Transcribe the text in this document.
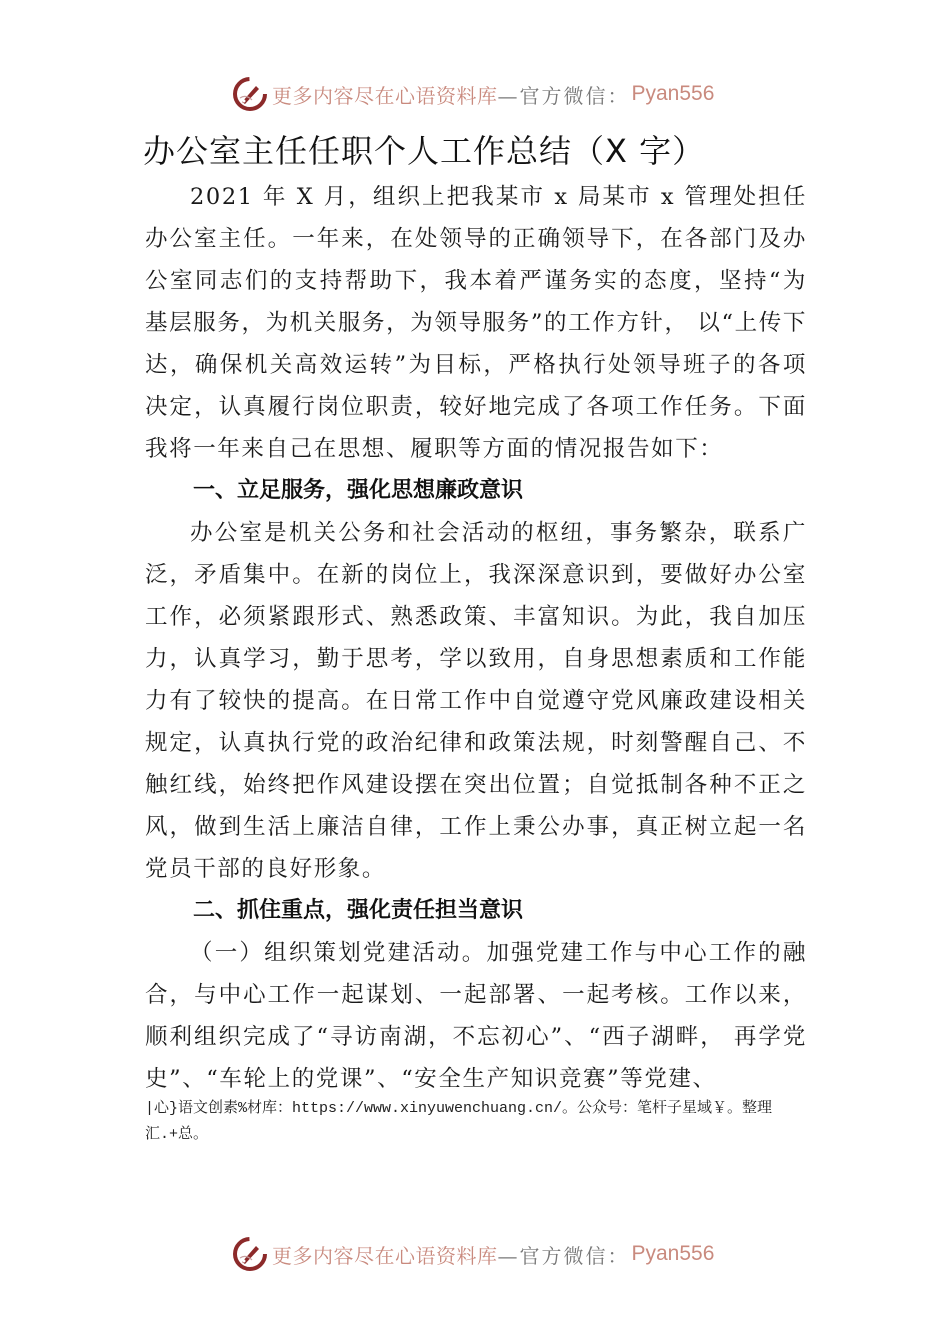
更多内容尽在心语资料库 —官方微信： Pyan556
办公室主任任职个人工作总结（X 字）

2021 年 X 月，组织上把我某市 x 局某市 x 管理处担任办公室主任。一年来，在处领导的正确领导下，在各部门及办公室同志们的支持帮助下，我本着严谨务实的态度，坚持“为基层服务，为机关服务，为领导服务”的工作方针， 以“上传下达，确保机关高效运转”为目标，严格执行处领导班子的各项决定，认真履行岗位职责，较好地完成了各项工作任务。下面我将一年来自己在思想、履职等方面的情况报告如下：

一、立足服务，强化思想廉政意识

办公室是机关公务和社会活动的枢纽，事务繁杂，联系广泛，矛盾集中。在新的岗位上，我深深意识到，要做好办公室工作，必须紧跟形式、熟悉政策、丰富知识。为此，我自加压力，认真学习，勤于思考，学以致用，自身思想素质和工作能力有了较快的提高。在日常工作中自觉遵守党风廉政建设相关规定，认真执行党的政治纪律和政策法规，时刻警醒自己、不触红线，始终把作风建设摆在突出位置；自觉抵制各种不正之风，做到生活上廉洁自律，工作上秉公办事，真正树立起一名党员干部的良好形象。

二、抓住重点，强化责任担当意识

（一）组织策划党建活动。加强党建工作与中心工作的融合，与中心工作一起谋划、一起部署、一起考核。工作以来，顺利组织完成了“寻访南湖，不忘初心”、“西子湖畔， 再学党史”、“车轮上的党课”、“安全生产知识竞赛”等党建、

|心}语文创素%材库：https://www.xinyuwenchuang.cn/。公众号：笔杆子星域￥。整理汇.+总。
更多内容尽在心语资料库 —官方微信： Pyan556
